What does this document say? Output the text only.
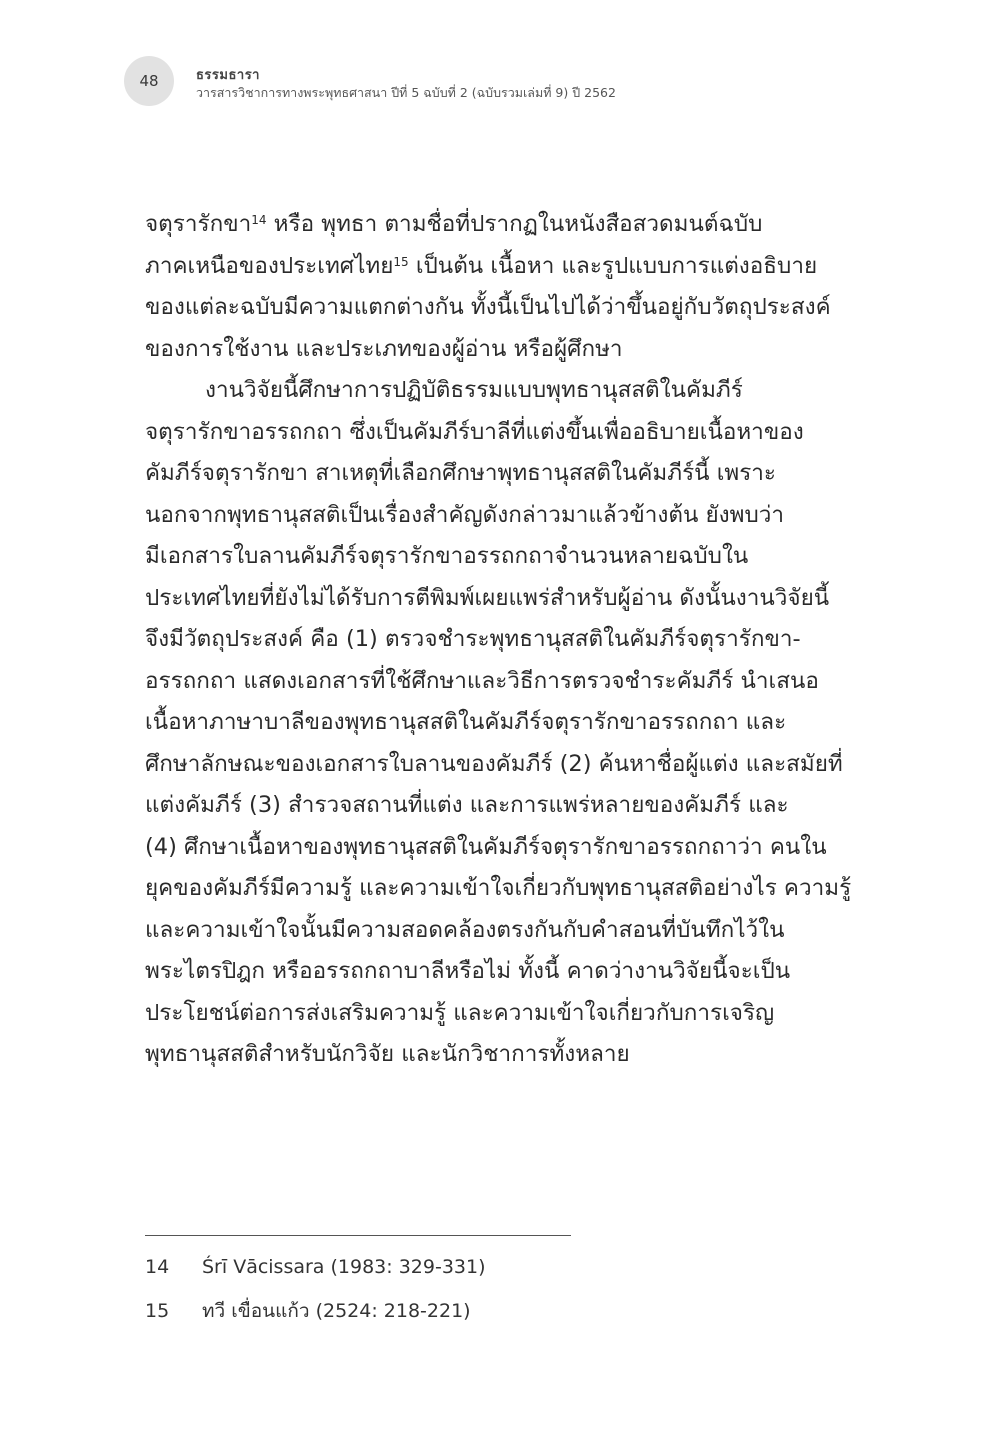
48	ธรรมธารา
วารสารวิชาการทางพระพุทธศาสนา ปีที่ 5 ฉบับที่ 2 (ฉบับรวมเล่มที่ 9) ปี 2562
จตุรารักขา$^{14}$ หรือ พุทธา ตามชื่อที่ปรากฏในหนังสือสวดมนต์ฉบับ
ภาคเหนือของประเทศไทย$^{15}$ เป็นต้น เนื้อหา และรูปแบบการแต่งอธิบาย
ของแต่ละฉบับมีความแตกต่างกัน ทั้งนี้เป็นไปได้ว่าขึ้นอยู่กับวัตถุประสงค์
ของการใช้งาน และประเภทของผู้อ่าน หรือผู้ศึกษา
งานวิจัยนี้ศึกษาการปฏิบัติธรรมแบบพุทธานุสสติในคัมภีร์
จตุรารักขาอรรถกถา ซึ่งเป็นคัมภีร์บาลีที่แต่งขึ้นเพื่ออธิบายเนื้อหาของ
คัมภีร์จตุรารักขา สาเหตุที่เลือกศึกษาพุทธานุสสติในคัมภีร์นี้ เพราะ
นอกจากพุทธานุสสติเป็นเรื่องสำคัญดังกล่าวมาแล้วข้างต้น ยังพบว่า
มีเอกสารใบลานคัมภีร์จตุรารักขาอรรถกถาจำนวนหลายฉบับใน
ประเทศไทยที่ยังไม่ได้รับการตีพิมพ์เผยแพร่สำหรับผู้อ่าน ดังนั้นงานวิจัยนี้
จึงมีวัตถุประสงค์ คือ (1) ตรวจชำระพุทธานุสสติในคัมภีร์จตุรารักขา-
อรรถกถา แสดงเอกสารที่ใช้ศึกษาและวิธีการตรวจชำระคัมภีร์ นำเสนอ
เนื้อหาภาษาบาลีของพุทธานุสสติในคัมภีร์จตุรารักขาอรรถกถา และ
ศึกษาลักษณะของเอกสารใบลานของคัมภีร์ (2) ค้นหาชื่อผู้แต่ง และสมัยที่
แต่งคัมภีร์ (3) สำรวจสถานที่แต่ง และการแพร่หลายของคัมภีร์ และ
(4) ศึกษาเนื้อหาของพุทธานุสสติในคัมภีร์จตุรารักขาอรรถกถาว่า คนใน
ยุคของคัมภีร์มีความรู้ และความเข้าใจเกี่ยวกับพุทธานุสสติอย่างไร ความรู้
และความเข้าใจนั้นมีความสอดคล้องตรงกันกับคำสอนที่บันทึกไว้ใน
พระไตรปิฎก หรืออรรถกถาบาลีหรือไม่ ทั้งนี้ คาดว่างานวิจัยนี้จะเป็น
ประโยชน์ต่อการส่งเสริมความรู้ และความเข้าใจเกี่ยวกับการเจริญ
พุทธานุสสติสำหรับนักวิจัย และนักวิชาการทั้งหลาย
14 Śrī Vācissara (1983: 329-331)
15 ทวี เขื่อนแก้ว (2524: 218-221)
